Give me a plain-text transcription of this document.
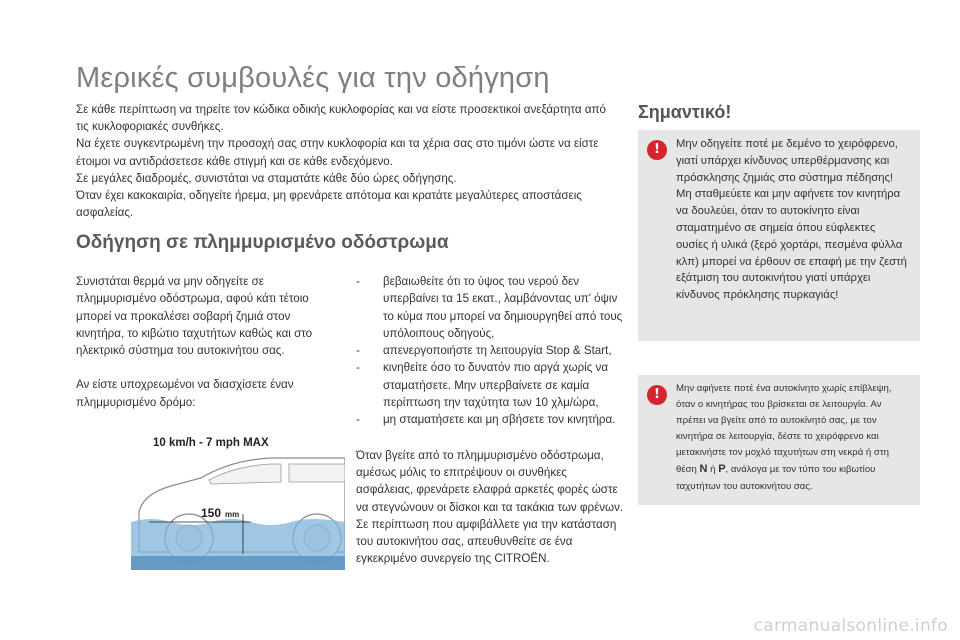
Μερικές συμβουλές για την οδήγηση

Σε κάθε περίπτωση να τηρείτε τον κώδικα οδικής κυκλοφορίας και να είστε προσεκτικοί ανεξάρτητα από τις κυκλοφοριακές συνθήκες.

Να έχετε συγκεντρωμένη την προσοχή σας στην κυκλοφορία και τα χέρια σας στο τιμόνι ώστε να είστε έτοιμοι να αντιδράσετεσε κάθε στιγμή και σε κάθε ενδεχόμενο.

Σε μεγάλες διαδρομές, συνιστάται να σταματάτε κάθε δύο ώρες οδήγησης.

Όταν έχει κακοκαιρία, οδηγείτε ήρεμα, μη φρενάρετε απότομα και κρατάτε μεγαλύτερες αποστάσεις ασφαλείας.

Οδήγηση σε πλημμυρισμένο οδόστρωμα

Συνιστάται θερμά να μην οδηγείτε σε πλημμυρισμένο οδόστρωμα, αφού κάτι τέτοιο μπορεί να προκαλέσει σοβαρή ζημιά στον κινητήρα, το κιβώτιο ταχυτήτων καθώς και στο ηλεκτρικό σύστημα του αυτοκινήτου σας.

Αν είστε υποχρεωμένοι να διασχίσετε έναν πλημμυρισμένο δρόμο:

10 km/h - 7 mph MAX
150 mm
- βεβαιωθείτε ότι το ύψος του νερού δεν υπερβαίνει τα 15 εκατ., λαμβάνοντας υπ' όψιν το κύμα που μπορεί να δημιουργηθεί από τους υπόλοιπους οδηγούς,
- απενεργοποιήστε τη λειτουργία Stop & Start,
- κινηθείτε όσο το δυνατόν πιο αργά χωρίς να σταματήσετε. Μην υπερβαίνετε σε καμία περίπτωση την ταχύτητα των 10 χλμ/ώρα,
- μη σταματήσετε και μη σβήσετε τον κινητήρα.

Όταν βγείτε από το πλημμυρισμένο οδόστρωμα, αμέσως μόλις το επιτρέψουν οι συνθήκες ασφάλειας, φρενάρετε ελαφρά αρκετές φορές ώστε να στεγνώνουν οι δίσκοι και τα τακάκια των φρένων.

Σε περίπτωση που αμφιβάλλετε για την κατάσταση του αυτοκινήτου σας, απευθυνθείτε σε ένα εγκεκριμένο συνεργείο της CITROËN.

Σημαντικό!
!	Μην οδηγείτε ποτέ με δεμένο το χειρόφρενο, γιατί υπάρχει κίνδυνος υπερθέρμανσης και πρόσκλησης ζημιάς στο σύστημα πέδησης!

Μη σταθμεύετε και μην αφήνετε τον κινητήρα να δουλεύει, όταν το αυτοκίνητο είναι σταματημένο σε σημεία όπου εύφλεκτες ουσίες ή υλικά (ξερό χορτάρι, πεσμένα φύλλα κλπ) μπορεί να έρθουν σε επαφή με την ζεστή εξάτμιση του αυτοκινήτου γιατί υπάρχει κίνδυνος πρόκλησης πυρκαγιάς!

!	Μην αφήνετε ποτέ ένα αυτοκίνητο χωρίς επίβλεψη, όταν ο κινητήρας του βρίσκεται σε λειτουργία. Αν πρέπει να βγείτε από το αυτοκίνητό σας, με τον κινητήρα σε λειτουργία, δέστε το χειρόφρενο και μετακινήστε τον μοχλό ταχυτήτων στη νεκρά ή στη θέση N ή P, ανάλογα με τον τύπο του κιβωτίου ταχυτήτων του αυτοκινήτου σας.
carmanualsonline.info
